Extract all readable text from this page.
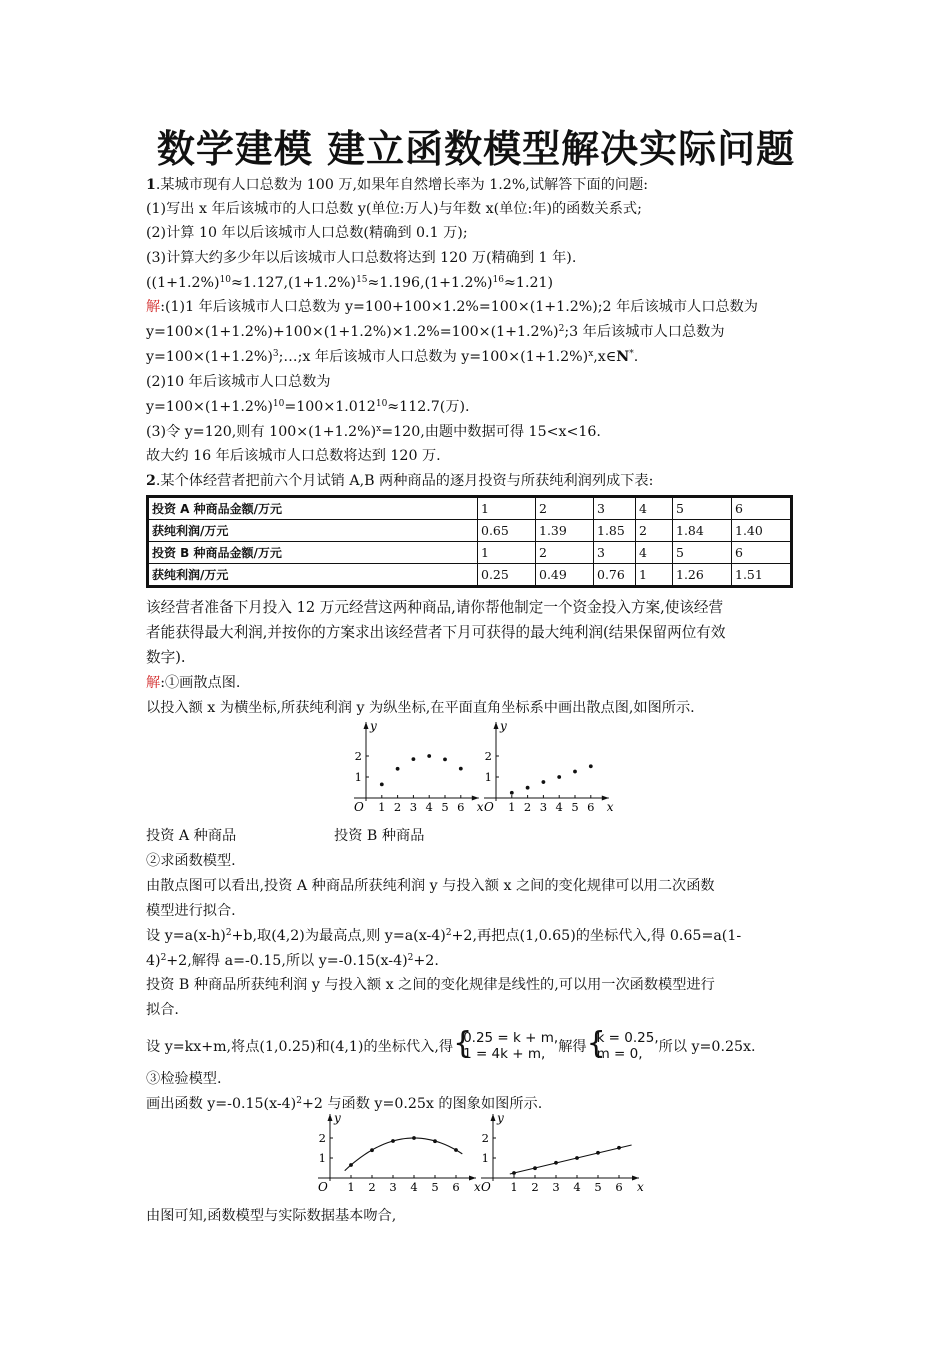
数学建模 建立函数模型解决实际问题
1.某城市现有人口总数为 100 万,如果年自然增长率为 1.2%,试解答下面的问题:
(1)写出 x 年后该城市的人口总数 y(单位:万人)与年数 x(单位:年)的函数关系式;
(2)计算 10 年以后该城市人口总数(精确到 0.1 万);
(3)计算大约多少年以后该城市人口总数将达到 120 万(精确到 1 年).
$((1+1.2\%)^{10}\approx 1.127,(1+1.2\%)^{15}\approx 1.196,(1+1.2\%)^{16}\approx 1.21)$
解:(1)1 年后该城市人口总数为 y=100+100×1.2%=100×(1+1.2%);2 年后该城市人口总数为
$y=100\times(1+1.2\%)+100\times(1+1.2\%)\times 1.2\%=100\times(1+1.2\%)^2;3$ 年后该城市人口总数为
$y=100\times(1+1.2\%)^3;\dots;x$ 年后该城市人口总数为 $y=100\times(1+1.2\%)^x,x\in N^*$.
(2)10 年后该城市人口总数为
$y=100\times(1+1.2\%)^{10}=100\times 1.012^{10}\approx 112.7$(万).
(3)令 y=120,则有 $100\times(1+1.2\%)^x=120$,由题中数据可得 15<x<16.
故大约 16 年后该城市人口总数将达到 120 万.
2.某个体经营者把前六个月试销 A,B 两种商品的逐月投资与所获纯利润列成下表:
投资 A 种商品金额/万元	1	2	3	4	5	6
获纯利润/万元	0.65	1.39	1.85	2	1.84	1.40
投资 B 种商品金额/万元	1	2	3	4	5	6
获纯利润/万元	0.25	0.49	0.76	1	1.26	1.51
该经营者准备下月投入 12 万元经营这两种商品,请你帮他制定一个资金投入方案,使该经营
者能获得最大利润,并按你的方案求出该经营者下月可获得的最大纯利润(结果保留两位有效
数字).
解:①画散点图.
以投入额 x 为横坐标,所获纯利润 y 为纵坐标,在平面直角坐标系中画出散点图,如图所示.
y
x
O 1 2 3 4 5 6
1
2
y
x
O 1 2 3 4 5 6
1
2
投资 A 种商品	投资 B 种商品
②求函数模型.
由散点图可以看出,投资 A 种商品所获纯利润 y 与投入额 x 之间的变化规律可以用二次函数
模型进行拟合.
设 $y=a(x-h)^2+b$,取(4,2)为最高点,则 $y=a(x-4)^2+2$,再把点(1,0.65)的坐标代入,得 0.65=a(1-
4)$^2$+2,解得 a=-0.15,所以 $y=-0.15(x-4)^2+2$.
投资 B 种商品所获纯利润 y 与投入额 x 之间的变化规律是线性的,可以用一次函数模型进行
拟合.
设 y=kx+m,将点(1,0.25)和(4,1)的坐标代入,得 {
0.25 = k + m,
1 = 4k + m, 解得 {
k = 0.25,
m = 0, 所以 y=0.25x.
③检验模型.
画出函数 $y=-0.15(x-4)^2+2$ 与函数 y=0.25x 的图象如图所示.
y
x
O 1 2 3 4 5 6
1
2
y
x
O 1 2 3 4 5 6
1
2
由图可知,函数模型与实际数据基本吻合,
